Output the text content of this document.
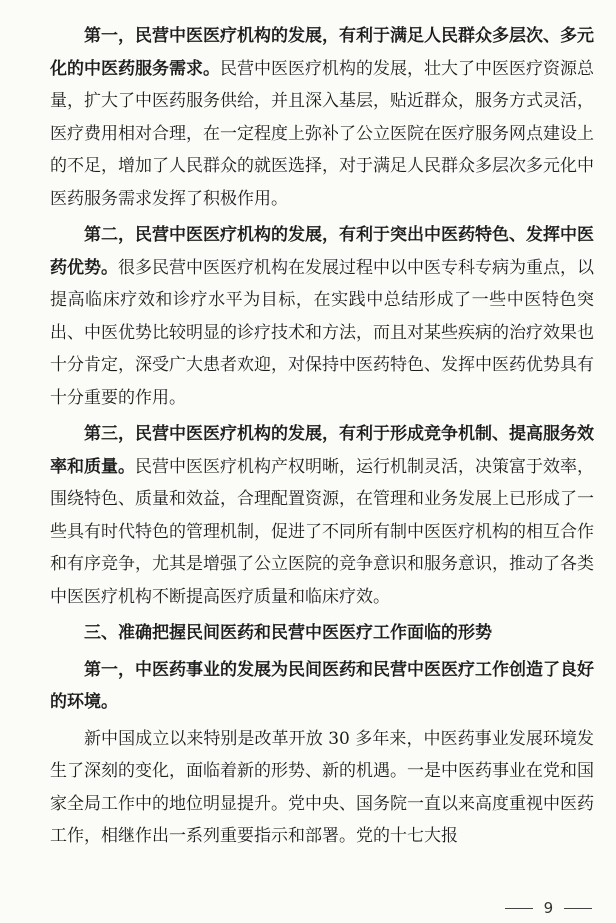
第一，民营中医医疗机构的发展，有利于满足人民群众多层次、多元化的中医药服务需求。民营中医医疗机构的发展，壮大了中医医疗资源总量，扩大了中医药服务供给，并且深入基层，贴近群众，服务方式灵活，医疗费用相对合理，在一定程度上弥补了公立医院在医疗服务网点建设上的不足，增加了人民群众的就医选择，对于满足人民群众多层次多元化中医药服务需求发挥了积极作用。

第二，民营中医医疗机构的发展，有利于突出中医药特色、发挥中医药优势。很多民营中医医疗机构在发展过程中以中医专科专病为重点，以提高临床疗效和诊疗水平为目标，在实践中总结形成了一些中医特色突出、中医优势比较明显的诊疗技术和方法，而且对某些疾病的治疗效果也十分肯定，深受广大患者欢迎，对保持中医药特色、发挥中医药优势具有十分重要的作用。

第三，民营中医医疗机构的发展，有利于形成竞争机制、提高服务效率和质量。民营中医医疗机构产权明晰，运行机制灵活，决策富于效率，围绕特色、质量和效益，合理配置资源，在管理和业务发展上已形成了一些具有时代特色的管理机制，促进了不同所有制中医医疗机构的相互合作和有序竞争，尤其是增强了公立医院的竞争意识和服务意识，推动了各类中医医疗机构不断提高医疗质量和临床疗效。

三、准确把握民间医药和民营中医医疗工作面临的形势

第一，中医药事业的发展为民间医药和民营中医医疗工作创造了良好的环境。

新中国成立以来特别是改革开放 30 多年来，中医药事业发展环境发生了深刻的变化，面临着新的形势、新的机遇。一是中医药事业在党和国家全局工作中的地位明显提升。党中央、国务院一直以来高度重视中医药工作，相继作出一系列重要指示和部署。党的十七大报

9
